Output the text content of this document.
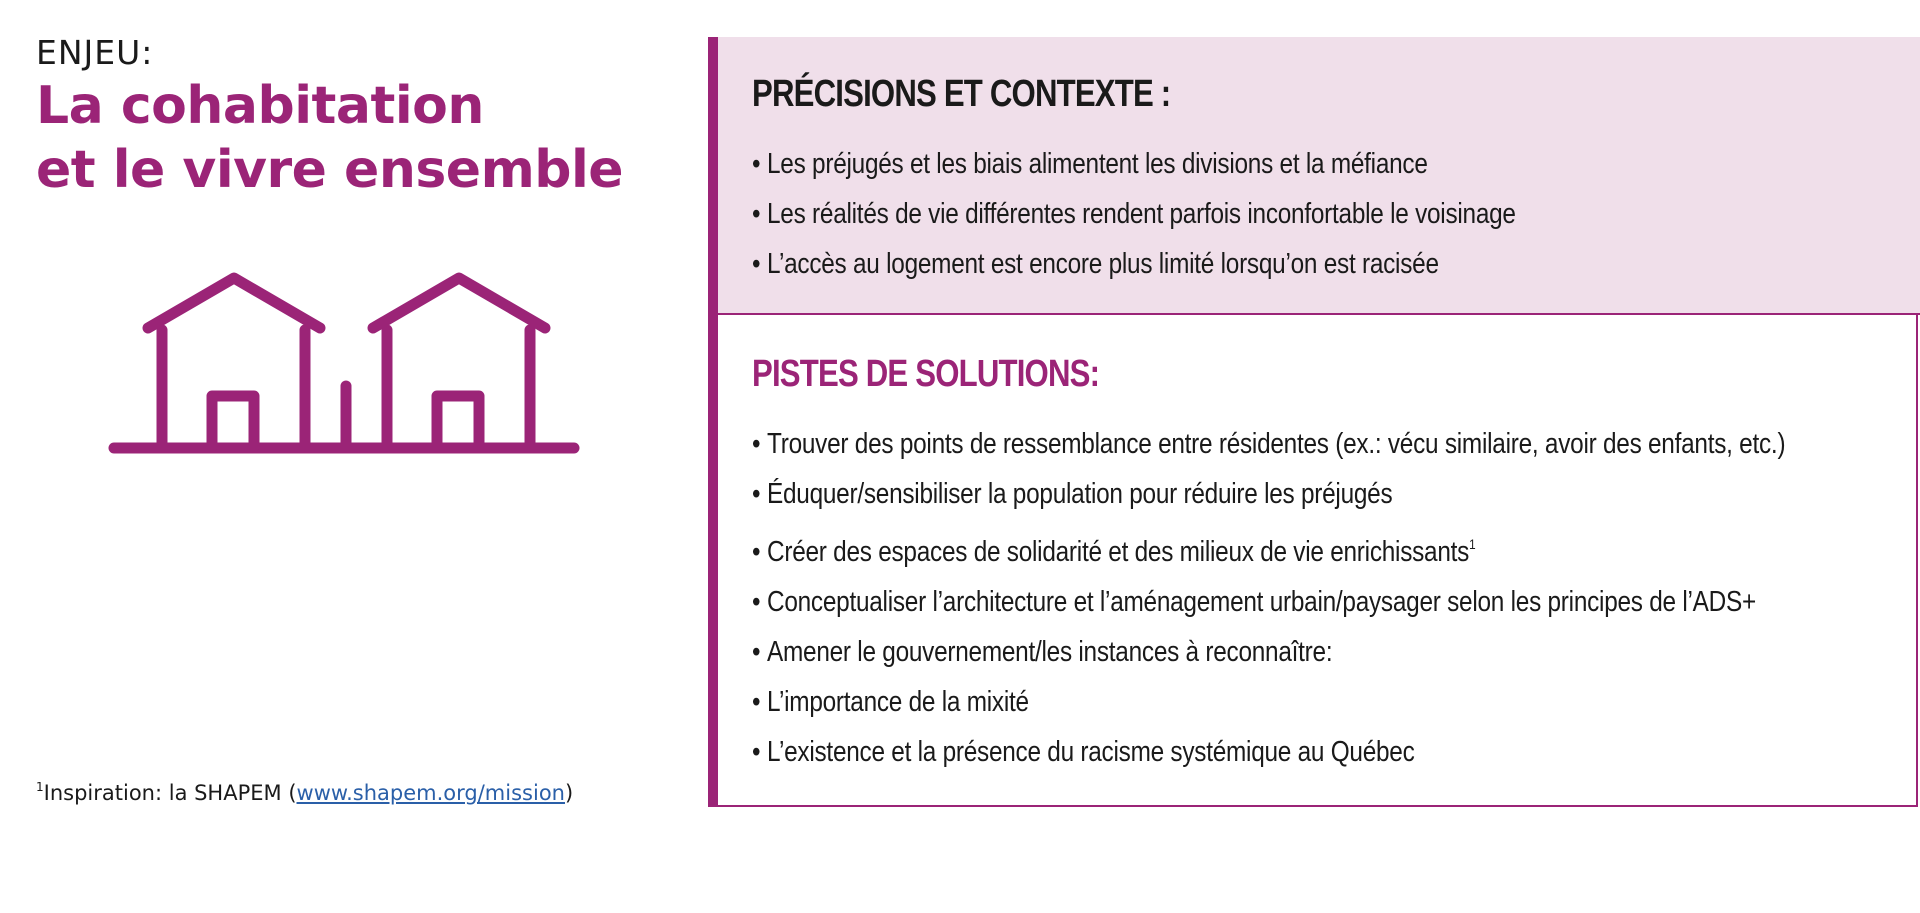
ENJEU:
La cohabitation
et le vivre ensemble
$^1$Inspiration: la SHAPEM (www.shapem.org/mission)
PRÉCISIONS ET CONTEXTE :
• Les préjugés et les biais alimentent les divisions et la méfiance
• Les réalités de vie différentes rendent parfois inconfortable le voisinage
• L’accès au logement est encore plus limité lorsqu’on est racisée
PISTES DE SOLUTIONS:
• Trouver des points de ressemblance entre résidentes (ex.: vécu similaire, avoir des enfants, etc.)
• Éduquer/sensibiliser la population pour réduire les préjugés
• Créer des espaces de solidarité et des milieux de vie enrichissants$^1$
• Conceptualiser l’architecture et l’aménagement urbain/paysager selon les principes de l’ADS+
• Amener le gouvernement/les instances à reconnaître:
• L’importance de la mixité
• L’existence et la présence du racisme systémique au Québec
